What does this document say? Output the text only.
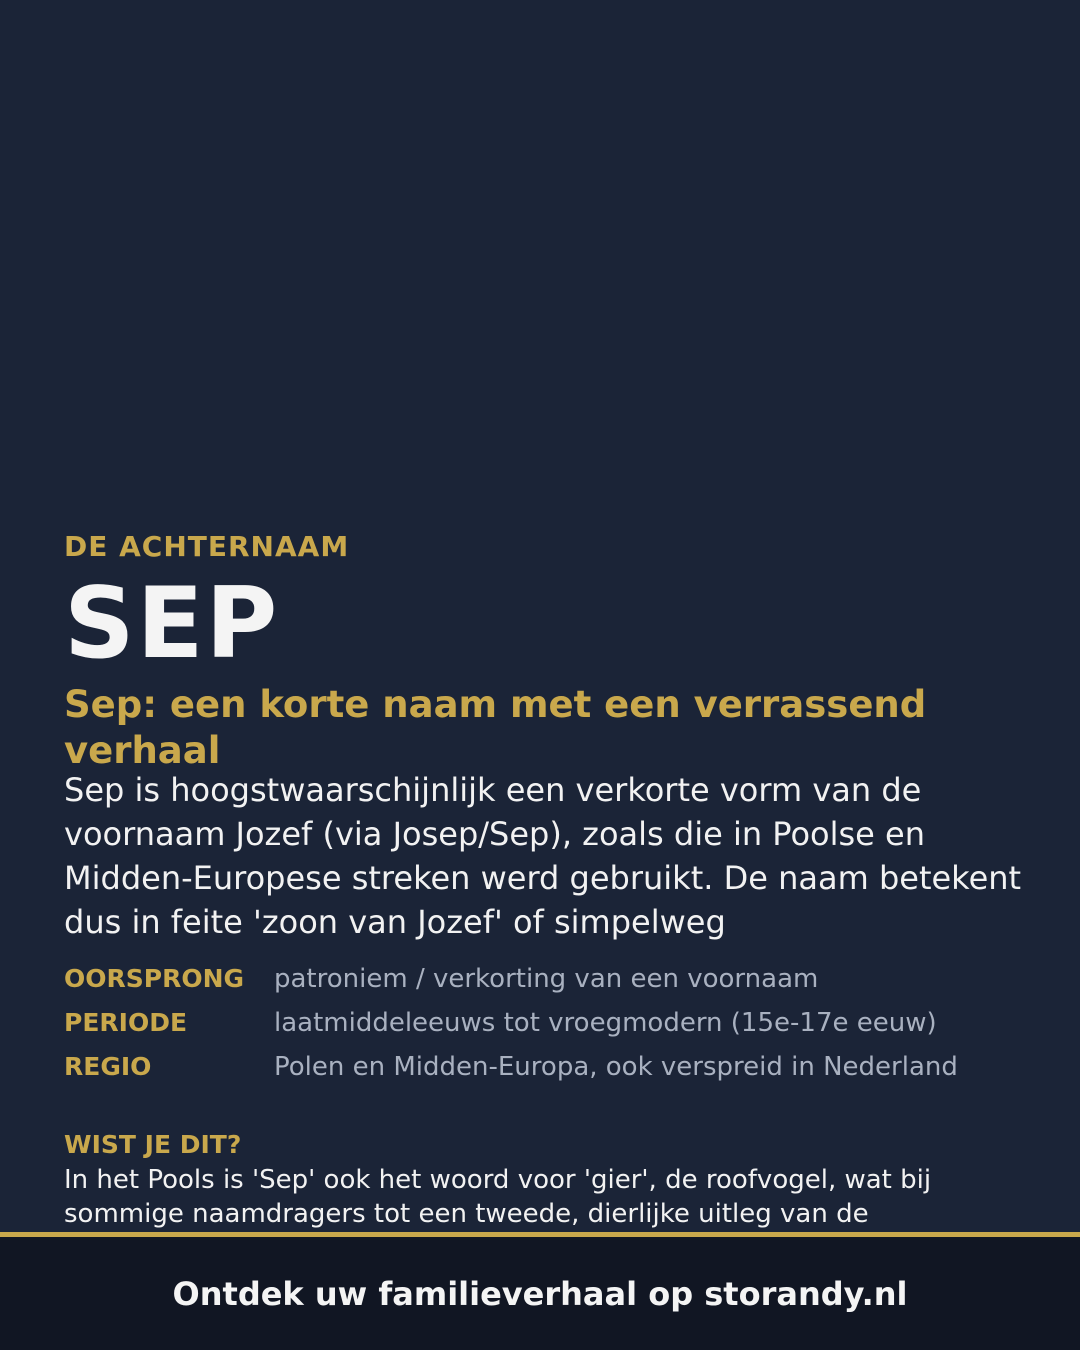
DE ACHTERNAAM
SEP
Sep: een korte naam met een verrassend verhaal
Sep is hoogstwaarschijnlijk een verkorte vorm van de voornaam Jozef (via Josep/Sep), zoals die in Poolse en Midden-Europese streken werd gebruikt. De naam betekent dus in feite 'zoon van Jozef' of simpelweg
OORSPRONG	patroniem / verkorting van een voornaam
PERIODE	laatmiddeleeuws tot vroegmodern (15e-17e eeuw)
REGIO	Polen en Midden-Europa, ook verspreid in Nederland
WIST JE DIT?
In het Pools is 'Sep' ook het woord voor 'gier', de roofvogel, wat bij sommige naamdragers tot een tweede, dierlijke uitleg van de
Ontdek uw familieverhaal op storandy.nl
